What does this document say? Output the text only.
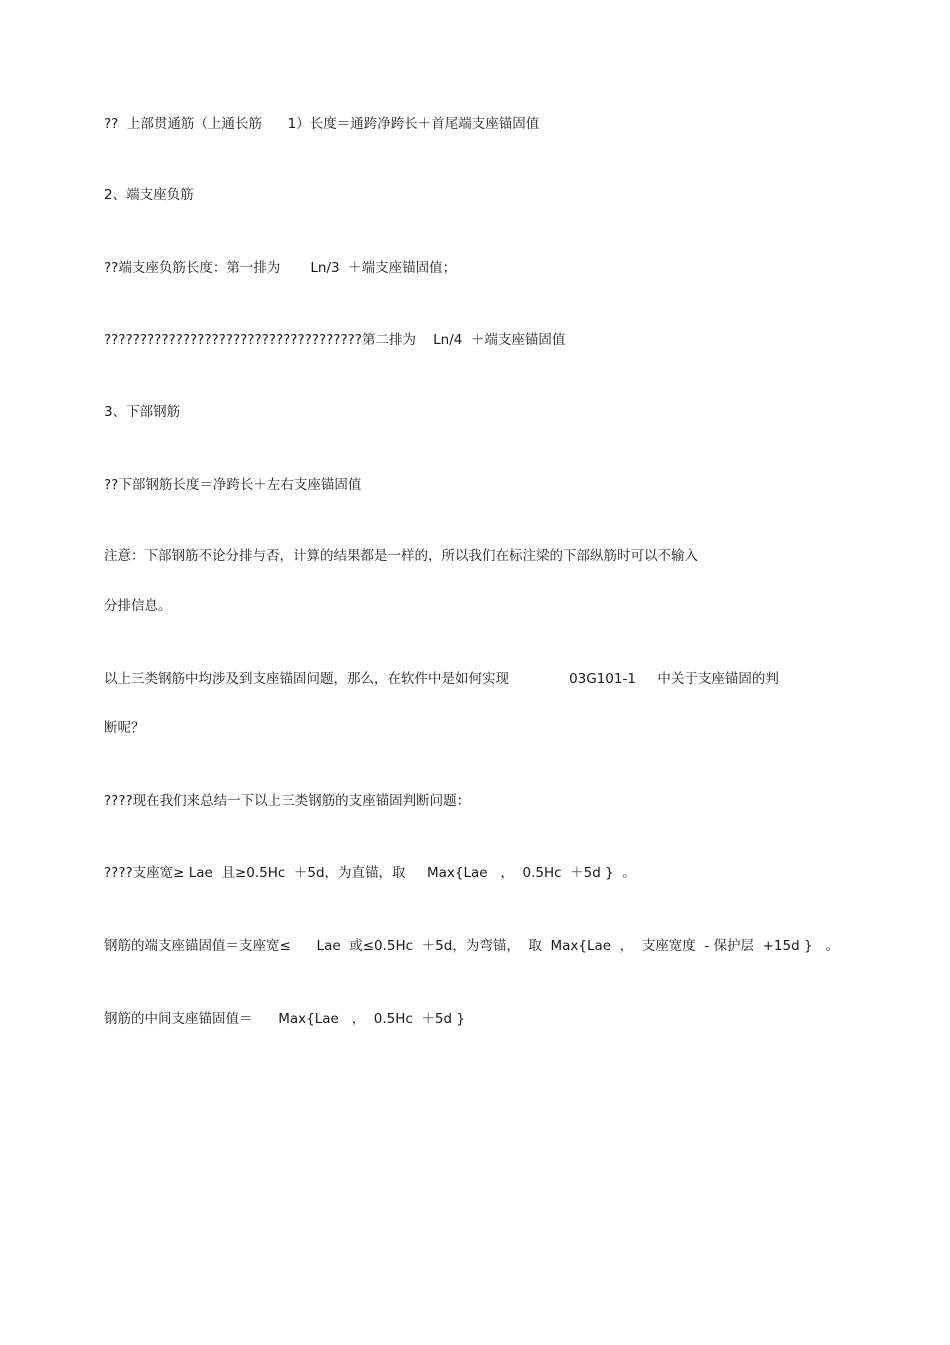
??  上部贯通筋（上通长筋      1）长度＝通跨净跨长＋首尾端支座锚固值
2、端支座负筋
??端支座负筋长度：第一排为       Ln/3  ＋端支座锚固值；
????????????????????????????????????第二排为    Ln/4  ＋端支座锚固值
3、下部钢筋
??下部钢筋长度＝净跨长＋左右支座锚固值
注意：下部钢筋不论分排与否，计算的结果都是一样的，所以我们在标注梁的下部纵筋时可以不输入
分排信息。
以上三类钢筋中均涉及到支座锚固问题，那么，在软件中是如何实现              03G101-1     中关于支座锚固的判
断呢？
????现在我们来总结一下以上三类钢筋的支座锚固判断问题：
????支座宽≥ Lae  且≥0.5Hc  ＋5d，为直锚，取     Max{Lae   ，  0.5Hc  ＋5d }  。
钢筋的端支座锚固值＝支座宽≤      Lae  或≤0.5Hc  ＋5d，为弯锚，  取  Max{Lae  ，  支座宽度  - 保护层  +15d }   。
钢筋的中间支座锚固值＝      Max{Lae   ，  0.5Hc  ＋5d }
